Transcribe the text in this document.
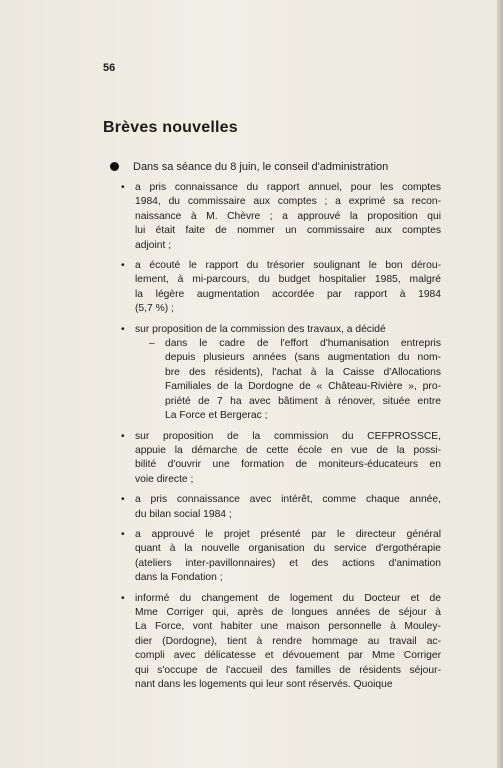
56
Brèves nouvelles
Dans sa séance du 8 juin, le conseil d'administration
• a pris connaissance du rapport annuel, pour les comptes
1984, du commissaire aux comptes ; a exprimé sa recon-
naissance à M. Chèvre ; a approuvé la proposition qui
lui était faite de nommer un commissaire aux comptes
adjoint ;
• a écouté le rapport du trésorier soulignant le bon dérou-
lement, à mi-parcours, du budget hospitalier 1985, malgré
la légère augmentation accordée par rapport à 1984
(5,7 %) ;
• sur proposition de la commission des travaux, a décidé
– dans le cadre de l'effort d'humanisation entrepris
depuis plusieurs années (sans augmentation du nom-
bre des résidents), l'achat à la Caisse d'Allocations
Familiales de la Dordogne de « Château-Rivière », pro-
priété de 7 ha avec bâtiment à rénover, située entre
La Force et Bergerac ;
• sur proposition de la commission du CEFPROSSCE,
appuie la démarche de cette école en vue de la possi-
bilité d'ouvrir une formation de moniteurs-éducateurs en
voie directe ;
• a pris connaissance avec intérêt, comme chaque année,
du bilan social 1984 ;
• a approuvé le projet présenté par le directeur général
quant à la nouvelle organisation du service d'ergothérapie
(ateliers inter-pavillonnaires) et des actions d'animation
dans la Fondation ;
• informé du changement de logement du Docteur et de
Mme Corriger qui, après de longues années de séjour à
La Force, vont habiter une maison personnelle à Mouley-
dier (Dordogne), tient à rendre hommage au travail ac-
compli avec délicatesse et dévouement par Mme Corriger
qui s'occupe de l'accueil des familles de résidents séjour-
nant dans les logements qui leur sont réservés. Quoique
